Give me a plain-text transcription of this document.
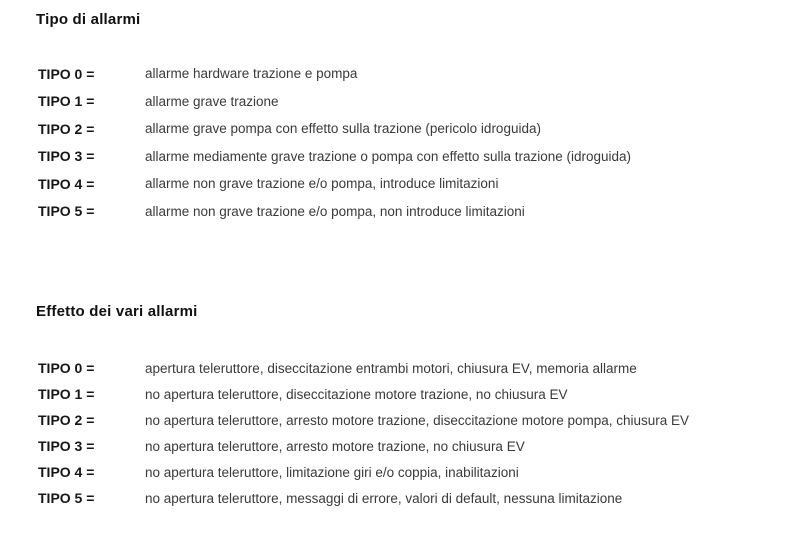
Tipo di allarmi
TIPO 0 =	allarme hardware trazione e pompa
TIPO 1 =	allarme grave trazione
TIPO 2 =	allarme grave pompa con effetto sulla trazione (pericolo idroguida)
TIPO 3 =	allarme mediamente grave trazione o pompa con effetto sulla trazione (idroguida)
TIPO 4 =	allarme non grave trazione e/o pompa, introduce limitazioni
TIPO 5 =	allarme non grave trazione e/o pompa, non introduce limitazioni
Effetto dei vari allarmi
TIPO 0 =	apertura teleruttore, diseccitazione entrambi motori, chiusura EV, memoria allarme
TIPO 1 =	no apertura teleruttore, diseccitazione motore trazione, no chiusura EV
TIPO 2 =	no apertura teleruttore, arresto motore trazione, diseccitazione motore pompa, chiusura EV
TIPO 3 =	no apertura teleruttore, arresto motore trazione, no chiusura EV
TIPO 4 =	no apertura teleruttore, limitazione giri e/o coppia, inabilitazioni
TIPO 5 =	no apertura teleruttore, messaggi di errore, valori di default, nessuna limitazione
